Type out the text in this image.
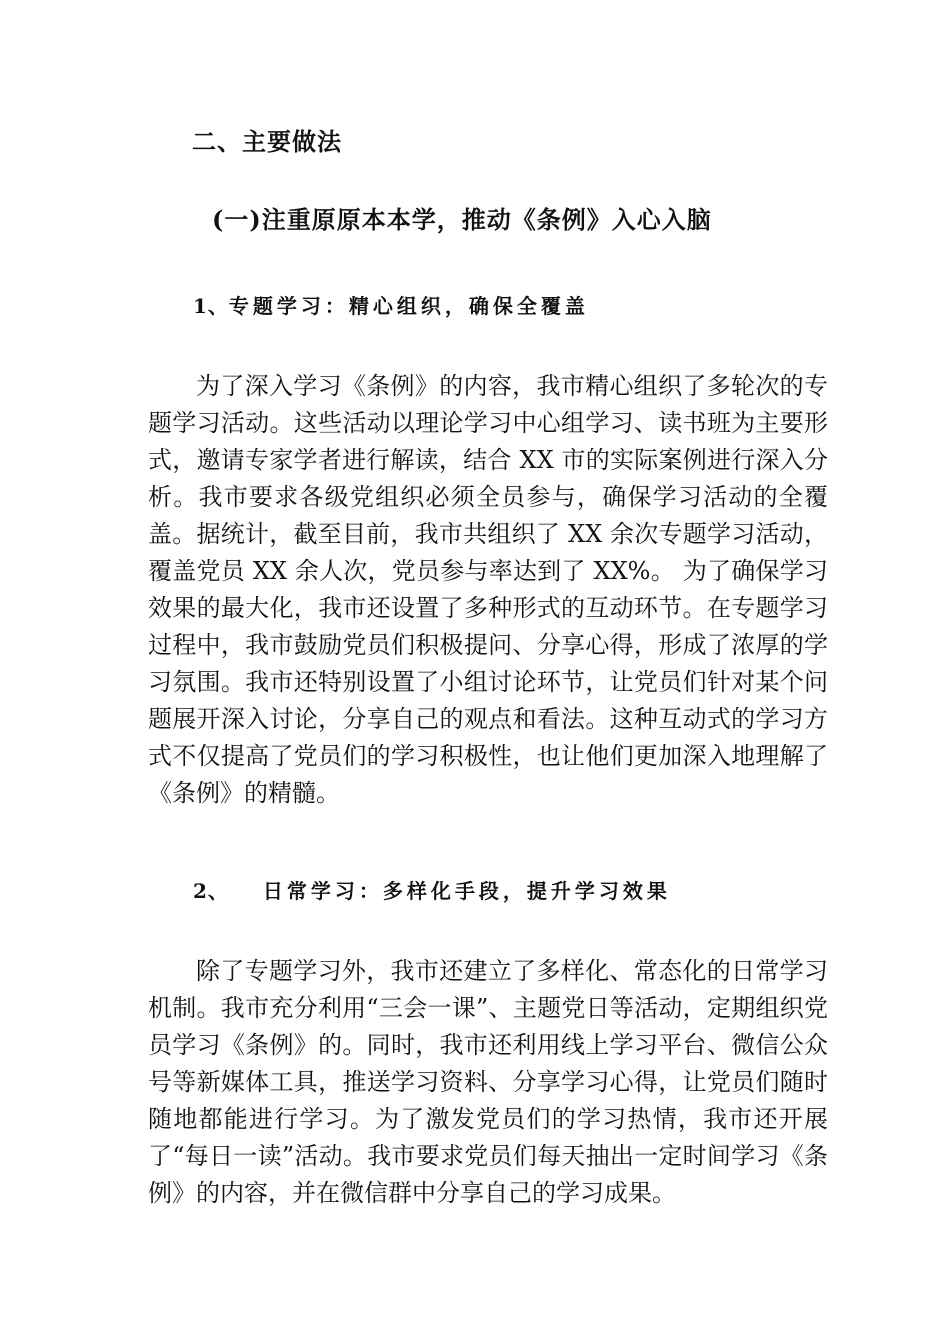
二、主要做法
(一)注重原原本本学，推动《条例》入心入脑
1、专题学习：精心组织，确保全覆盖

为了深入学习《条例》的内容，我市精心组织了多轮次的专题学习活动。这些活动以理论学习中心组学习、读书班为主要形式，邀请专家学者进行解读，结合 XX 市的实际案例进行深入分析。我市要求各级党组织必须全员参与，确保学习活动的全覆盖。据统计，截至目前，我市共组织了 XX 余次专题学习活动，覆盖党员 XX 余人次，党员参与率达到了 XX%。 为了确保学习效果的最大化，我市还设置了多种形式的互动环节。在专题学习过程中，我市鼓励党员们积极提问、分享心得，形成了浓厚的学习氛围。我市还特别设置了小组讨论环节，让党员们针对某个问题展开深入讨论，分享自己的观点和看法。这种互动式的学习方式不仅提高了党员们的学习积极性，也让他们更加深入地理解了《条例》的精髓。

2、 日常学习：多样化手段，提升学习效果

除了专题学习外，我市还建立了多样化、常态化的日常学习机制。我市充分利用“三会一课”、主题党日等活动，定期组织党员学习《条例》的。同时，我市还利用线上学习平台、微信公众号等新媒体工具，推送学习资料、分享学习心得，让党员们随时随地都能进行学习。为了激发党员们的学习热情，我市还开展了“每日一读”活动。我市要求党员们每天抽出一定时间学习《条例》的内容，并在微信群中分享自己的学习成果。
